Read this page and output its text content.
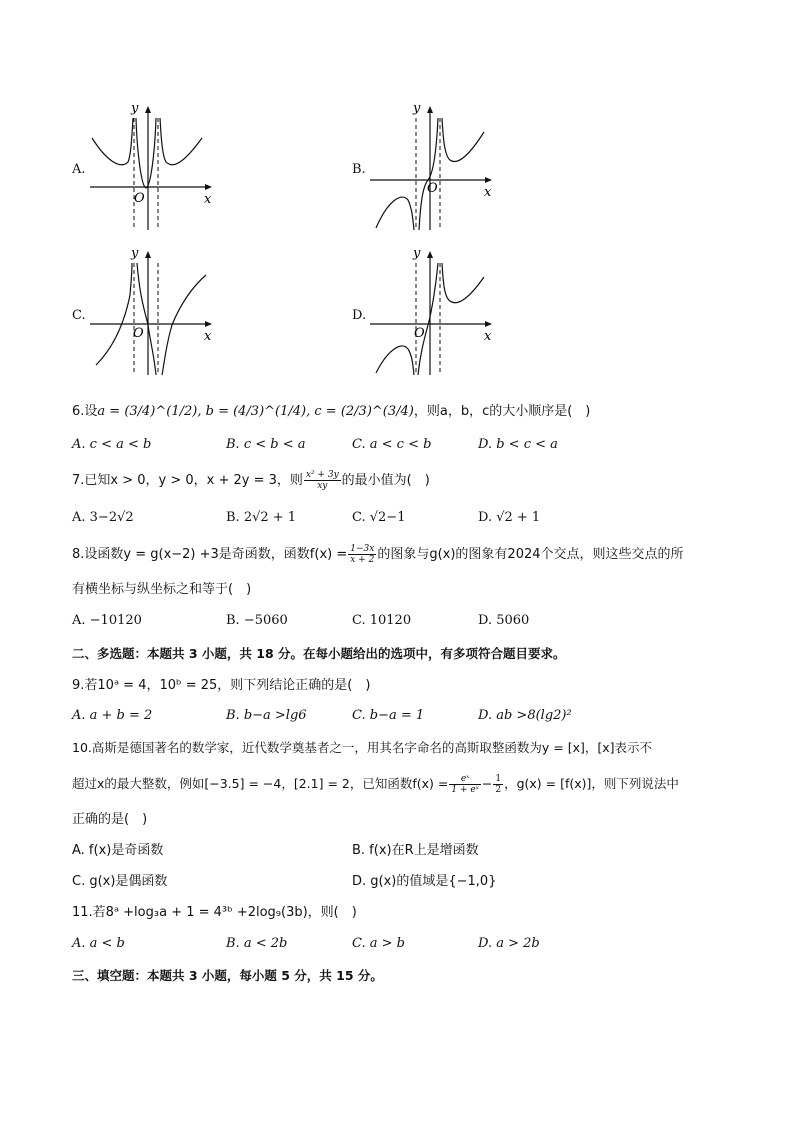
A.
y
x
O
B.
y
x
O
C.
y
x
O
D.
y
x
O
6.设a = (3/4)^(1/2), b = (4/3)^(1/4), c = (2/3)^(3/4)，则a，b，c的大小顺序是(　)
A. c < a < b	B. c < b < a	C. a < c < b	D. b < c < a
7.已知x > 0，y > 0，x + 2y = 3，则 $\frac{\text{x² + 3y}}{xy}$ 的最小值为(　)
A. 3−2√2	B. 2√2 + 1	C. √2−1	D. √2 + 1
8.设函数y = g(x−2) +3是奇函数，函数$f(x) = \frac{1-3x}{x + 2}$ 的图象与g(x)的图象有2024个交点，则这些交点的所
有横坐标与纵坐标之和等于(　)
A. −10120	B. −5060	C. 10120	D. 5060
二、多选题：本题共 3 小题，共 18 分。在每小题给出的选项中，有多项符合题目要求。
9.若10ᵃ = 4，10ᵇ = 25，则下列结论正确的是(　)
A. a + b = 2	B. b−a >lg6	C. b−a = 1	D. ab >8(lg2)²
10.高斯是德国著名的数学家，近代数学奠基者之一，用其名字命名的高斯取整函数为y = [x]，[x]表示不
超过x的最大整数，例如[−3.5] = −4，[2.1] = 2，已知函数$f(x) = \frac{\text{eˣ}}{\text{1 + eˣ}} - \frac{1}{2}$ ，g(x) = [f(x)]，则下列说法中
正确的是(　)
A. f(x)是奇函数	B. f(x)在R上是增函数
C. g(x)是偶函数	D. g(x)的值域是{−1,0}
11.若8ᵃ +log₃a + 1 = 4³ᵇ +2log₉(3b)，则(　)
A. a < b	B. a < 2b	C. a > b	D. a > 2b
三、填空题：本题共 3 小题，每小题 5 分，共 15 分。
